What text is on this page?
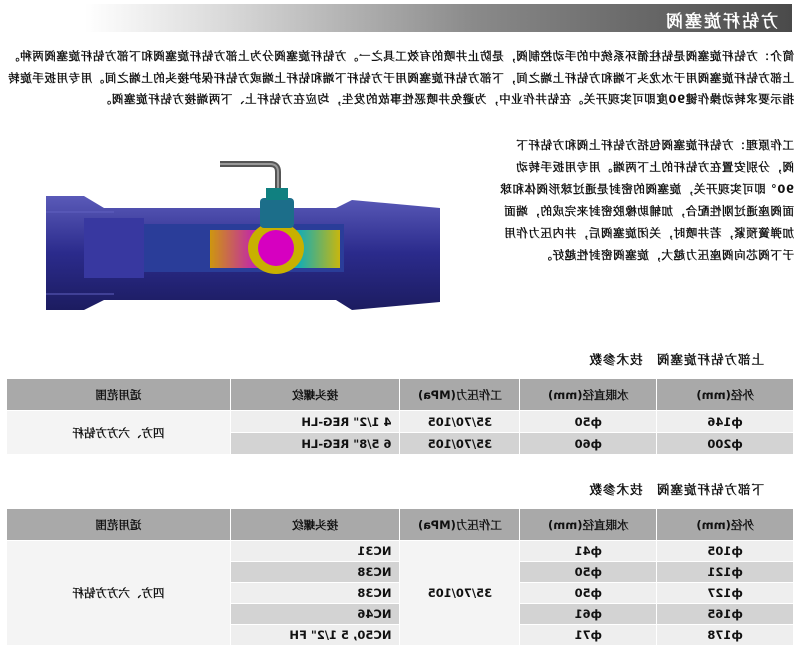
方钻杆旋塞阀

简介：方钻杆旋塞阀是钻柱循环系统中的手动控制阀，是防止井喷的有效工具之一。方钻杆旋塞阀分为上部方钻杆旋塞阀和下部方钻杆旋塞阀两种。上部方钻杆旋塞阀用于水龙头下端和方钻杆上端之间，下部方钻杆旋塞阀用于方钻杆下端和钻杆上端或方钻杆保护接头的上端之间。用专用扳手旋转指示要求转动操作键90度即可实现开关。在钻井作业中，为避免井喷恶性事故的发生，均应在方钻杆上、下两端接方钻杆旋塞阀。

工作原理：方钻杆旋塞阀包括方钻杆上阀和方钻杆下阀，分别安置在方钻杆的上下两端。用专用扳手转动90° 即可实现开关，旋塞阀的密封是通过球形阀体和球面阀座通过刚性配合，加辅助橡胶密封来完成的，端面加弹簧预紧，若井喷时，关闭旋塞阀后，井内压力作用于下阀芯向阀座压力越大，旋塞阀密封性越好。

上部方钻杆旋塞阀　技术参数
外径(mm)	水眼直径(mm)	工作压力(MPa)	接头螺纹	适用范围
ф146	ф50	35/70/105	4 1/2" REG-LH	四方、六方方钻杆
ф200	ф60	35/70/105	6 5/8" REG-LH	
下部方钻杆旋塞阀　技术参数
外径(mm)	水眼直径(mm)	工作压力(MPa)	接头螺纹	适用范围
ф105	ф41	35/70/105	NC31	四方、六方方钻杆
ф121	ф50		NC38	
ф127	ф50		NC38	
ф165	ф61		NC46	
ф178	ф71		NC50, 5 1/2" FH	
